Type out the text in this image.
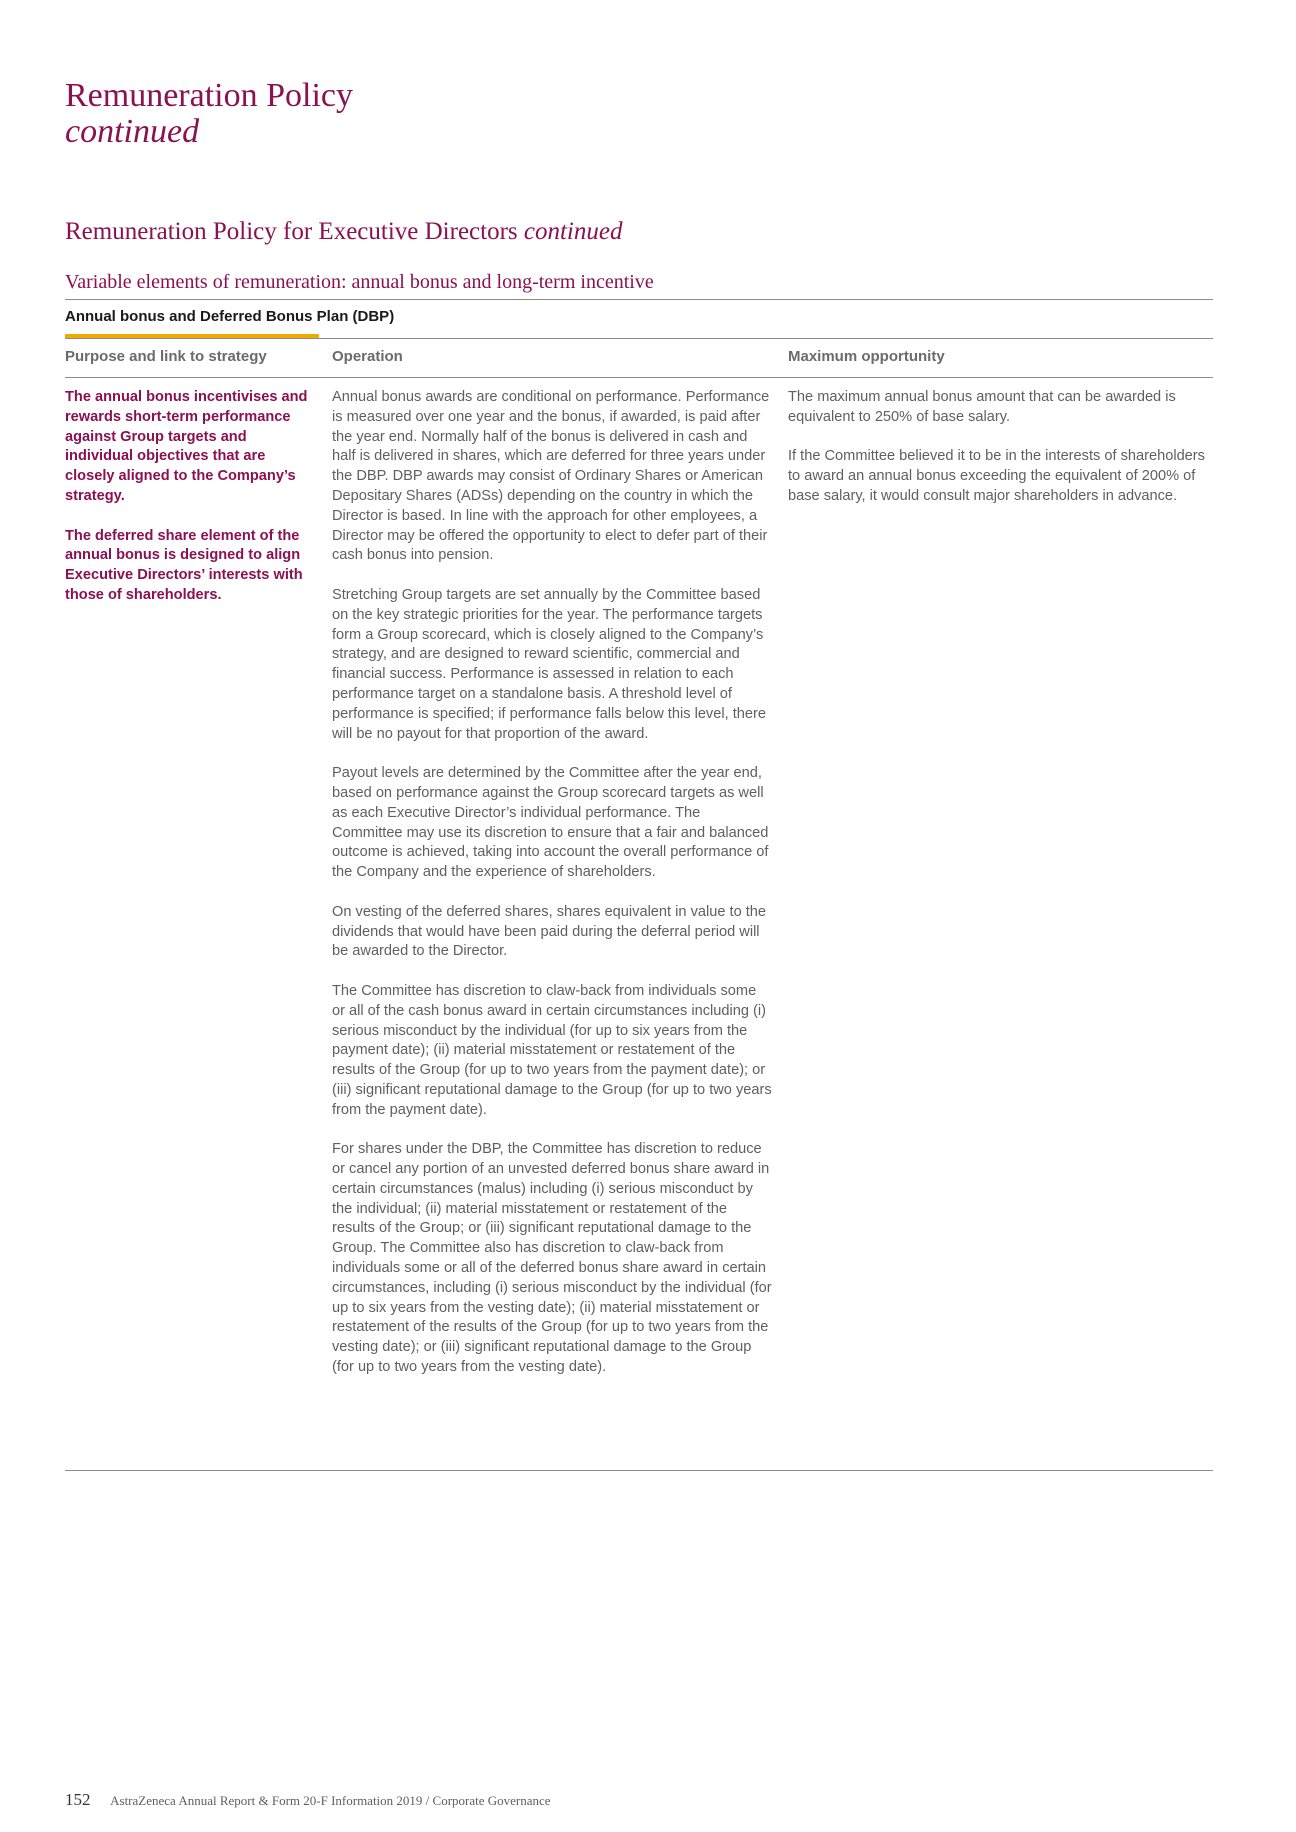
Remuneration Policy
continued
Remuneration Policy for Executive Directors continued
Variable elements of remuneration: annual bonus and long-term incentive
Annual bonus and Deferred Bonus Plan (DBP)
Purpose and link to strategy	Operation	Maximum opportunity

The annual bonus incentivises and rewards short-term performance against Group targets and individual objectives that are closely aligned to the Company’s strategy.

The deferred share element of the annual bonus is designed to align Executive Directors’ interests with those of shareholders.

Annual bonus awards are conditional on performance. Performance is measured over one year and the bonus, if awarded, is paid after the year end. Normally half of the bonus is delivered in cash and half is delivered in shares, which are deferred for three years under the DBP. DBP awards may consist of Ordinary Shares or American Depositary Shares (ADSs) depending on the country in which the Director is based. In line with the approach for other employees, a Director may be offered the opportunity to elect to defer part of their cash bonus into pension.

Stretching Group targets are set annually by the Committee based on the key strategic priorities for the year. The performance targets form a Group scorecard, which is closely aligned to the Company’s strategy, and are designed to reward scientific, commercial and financial success. Performance is assessed in relation to each performance target on a standalone basis. A threshold level of performance is specified; if performance falls below this level, there will be no payout for that proportion of the award.

Payout levels are determined by the Committee after the year end, based on performance against the Group scorecard targets as well as each Executive Director’s individual performance. The Committee may use its discretion to ensure that a fair and balanced outcome is achieved, taking into account the overall performance of the Company and the experience of shareholders.

On vesting of the deferred shares, shares equivalent in value to the dividends that would have been paid during the deferral period will be awarded to the Director.

The Committee has discretion to claw-back from individuals some or all of the cash bonus award in certain circumstances including (i) serious misconduct by the individual (for up to six years from the payment date); (ii) material misstatement or restatement of the results of the Group (for up to two years from the payment date); or (iii) significant reputational damage to the Group (for up to two years from the payment date).

For shares under the DBP, the Committee has discretion to reduce or cancel any portion of an unvested deferred bonus share award in certain circumstances (malus) including (i) serious misconduct by the individual; (ii) material misstatement or restatement of the results of the Group; or (iii) significant reputational damage to the Group. The Committee also has discretion to claw-back from individuals some or all of the deferred bonus share award in certain circumstances, including (i) serious misconduct by the individual (for up to six years from the vesting date); (ii) material misstatement or restatement of the results of the Group (for up to two years from the vesting date); or (iii) significant reputational damage to the Group (for up to two years from the vesting date).

The maximum annual bonus amount that can be awarded is equivalent to 250% of base salary.

If the Committee believed it to be in the interests of shareholders to award an annual bonus exceeding the equivalent of 200% of base salary, it would consult major shareholders in advance.

152 AstraZeneca Annual Report & Form 20-F Information 2019 / Corporate Governance
